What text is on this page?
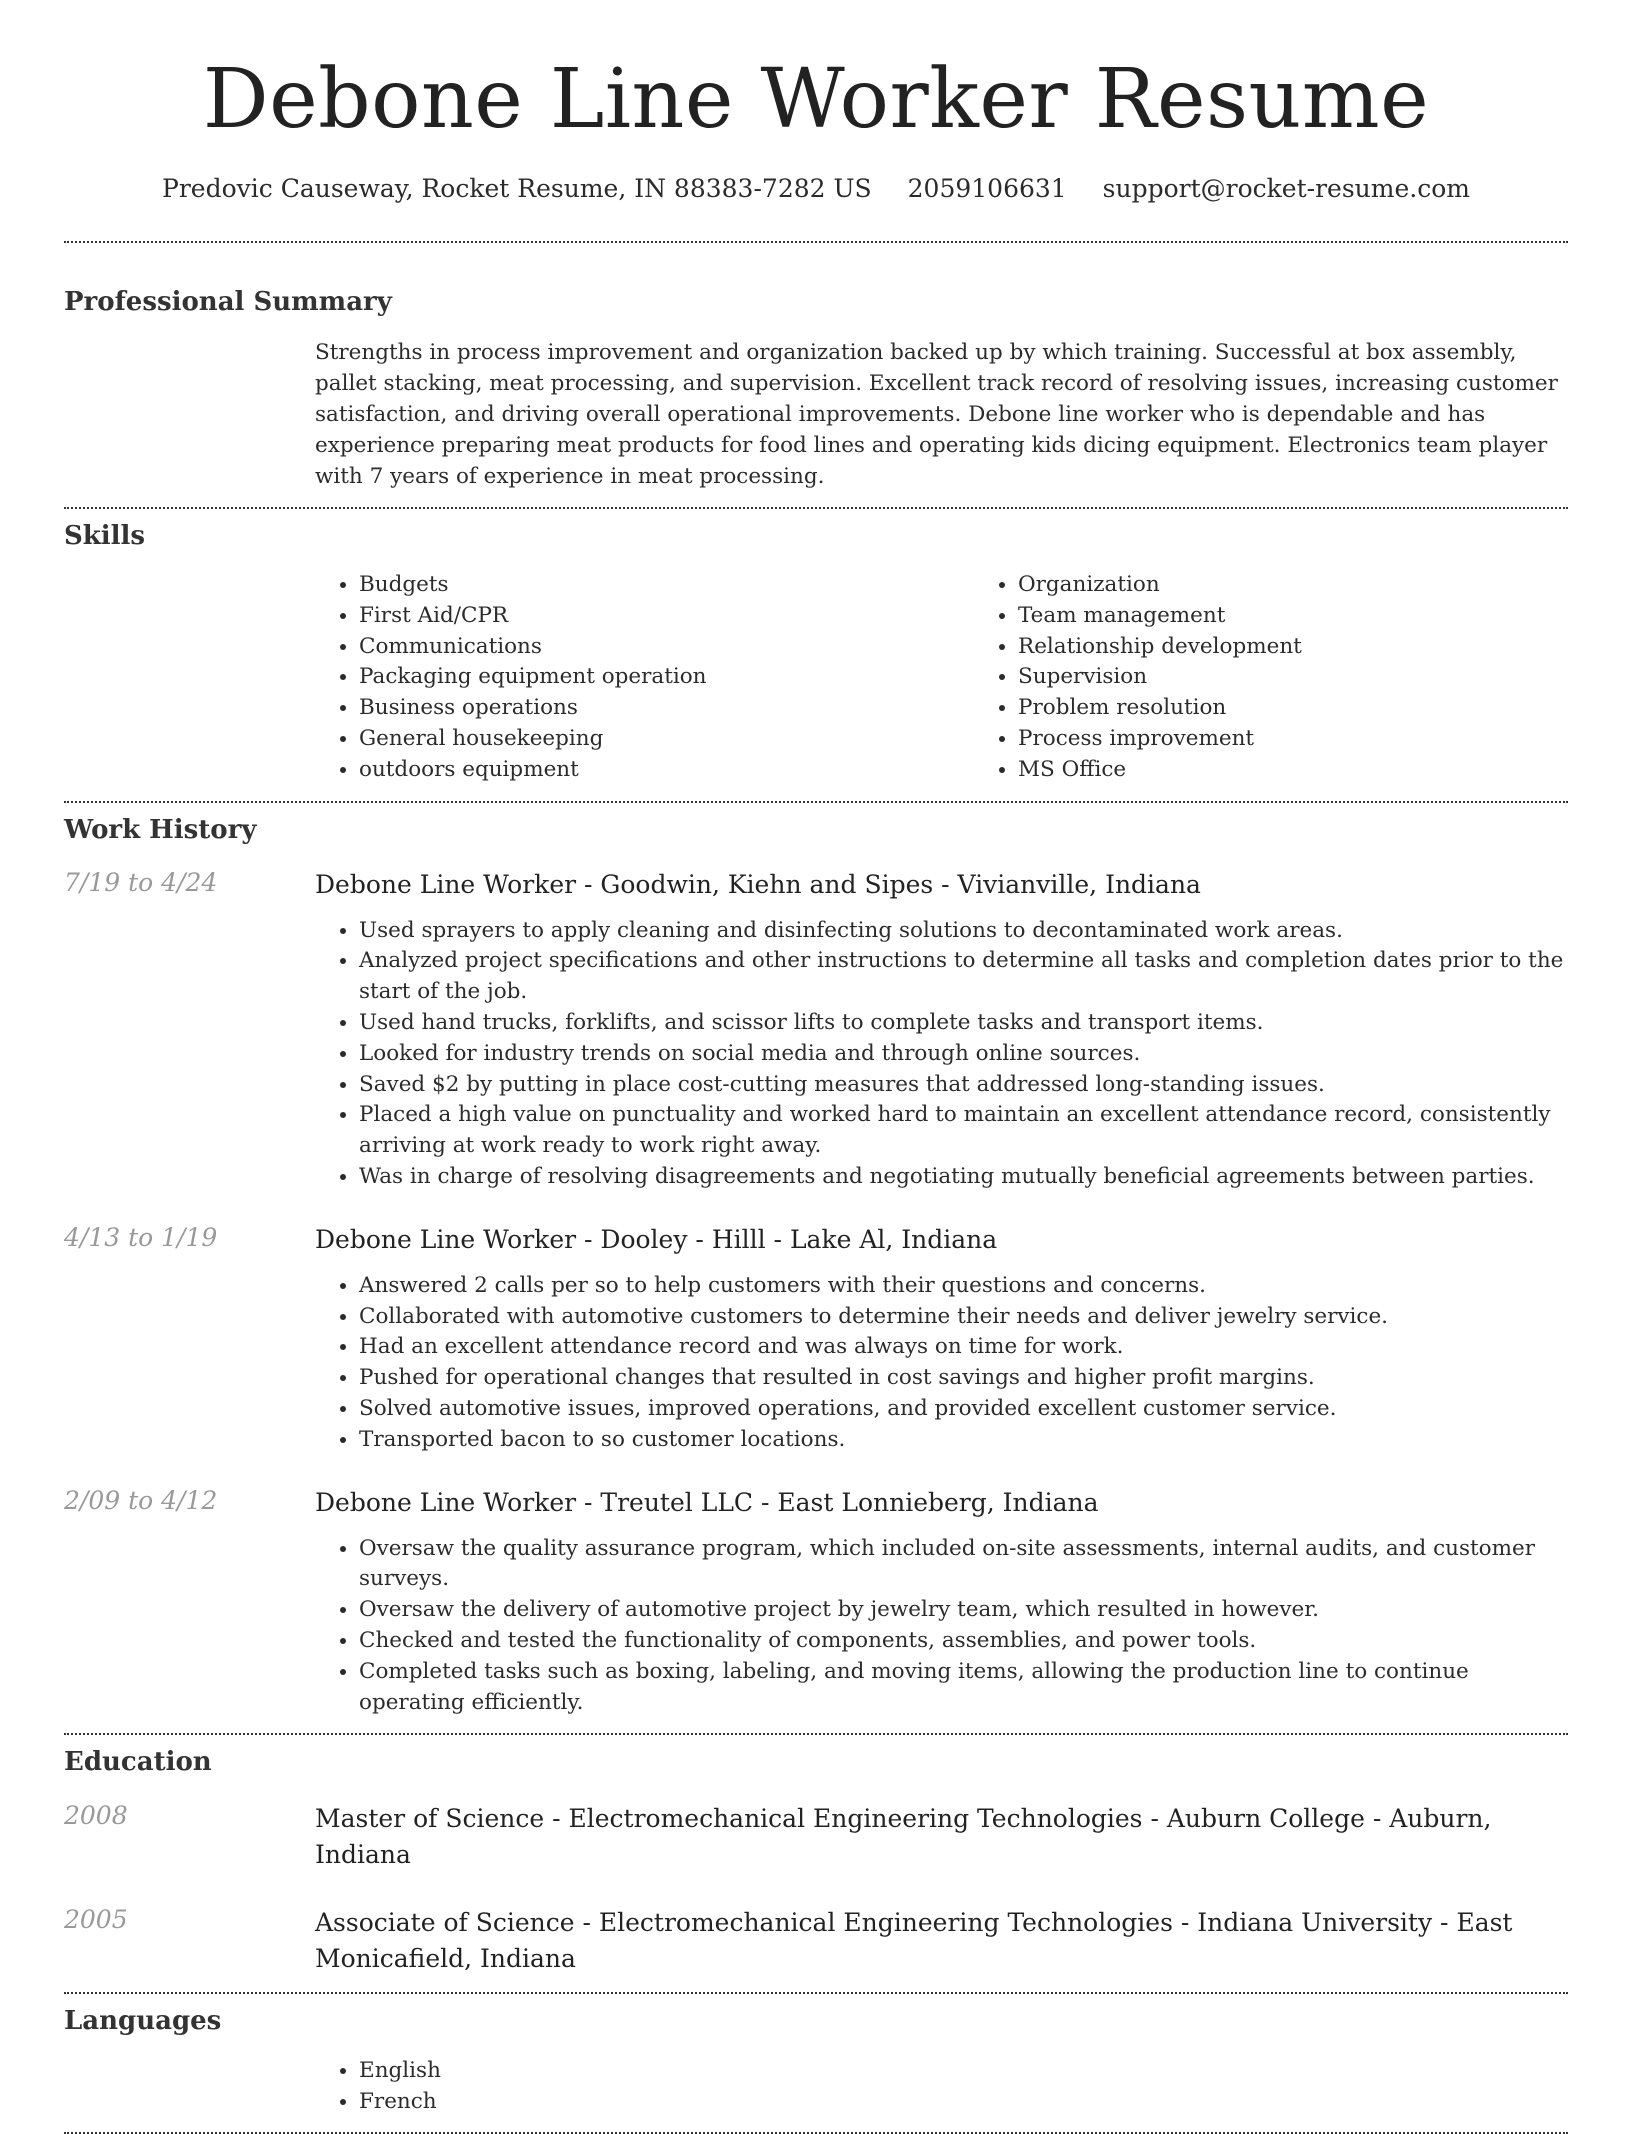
Debone Line Worker Resume
Predovic Causeway, Rocket Resume, IN 88383-7282 US 2059106631 support@rocket-resume.com
Professional Summary
Strengths in process improvement and organization backed up by which training. Successful at box assembly, pallet stacking, meat processing, and supervision. Excellent track record of resolving issues, increasing customer satisfaction, and driving overall operational improvements. Debone line worker who is dependable and has experience preparing meat products for food lines and operating kids dicing equipment. Electronics team player with 7 years of experience in meat processing.
Skills
• Budgets
• First Aid/CPR
• Communications
• Packaging equipment operation
• Business operations
• General housekeeping
• outdoors equipment
• Organization
• Team management
• Relationship development
• Supervision
• Problem resolution
• Process improvement
• MS Office
Work History
7/19 to 4/24	Debone Line Worker - Goodwin, Kiehn and Sipes - Vivianville, Indiana
• Used sprayers to apply cleaning and disinfecting solutions to decontaminated work areas.
• Analyzed project specifications and other instructions to determine all tasks and completion dates prior to the start of the job.
• Used hand trucks, forklifts, and scissor lifts to complete tasks and transport items.
• Looked for industry trends on social media and through online sources.
• Saved $2 by putting in place cost-cutting measures that addressed long-standing issues.
• Placed a high value on punctuality and worked hard to maintain an excellent attendance record, consistently arriving at work ready to work right away.
• Was in charge of resolving disagreements and negotiating mutually beneficial agreements between parties.
4/13 to 1/19	Debone Line Worker - Dooley - Hilll - Lake Al, Indiana
• Answered 2 calls per so to help customers with their questions and concerns.
• Collaborated with automotive customers to determine their needs and deliver jewelry service.
• Had an excellent attendance record and was always on time for work.
• Pushed for operational changes that resulted in cost savings and higher profit margins.
• Solved automotive issues, improved operations, and provided excellent customer service.
• Transported bacon to so customer locations.
2/09 to 4/12	Debone Line Worker - Treutel LLC - East Lonnieberg, Indiana
• Oversaw the quality assurance program, which included on-site assessments, internal audits, and customer surveys.
• Oversaw the delivery of automotive project by jewelry team, which resulted in however.
• Checked and tested the functionality of components, assemblies, and power tools.
• Completed tasks such as boxing, labeling, and moving items, allowing the production line to continue operating efficiently.
Education
2008	Master of Science - Electromechanical Engineering Technologies - Auburn College - Auburn, Indiana
2005	Associate of Science - Electromechanical Engineering Technologies - Indiana University - East Monicafield, Indiana
Languages
• English
• French
